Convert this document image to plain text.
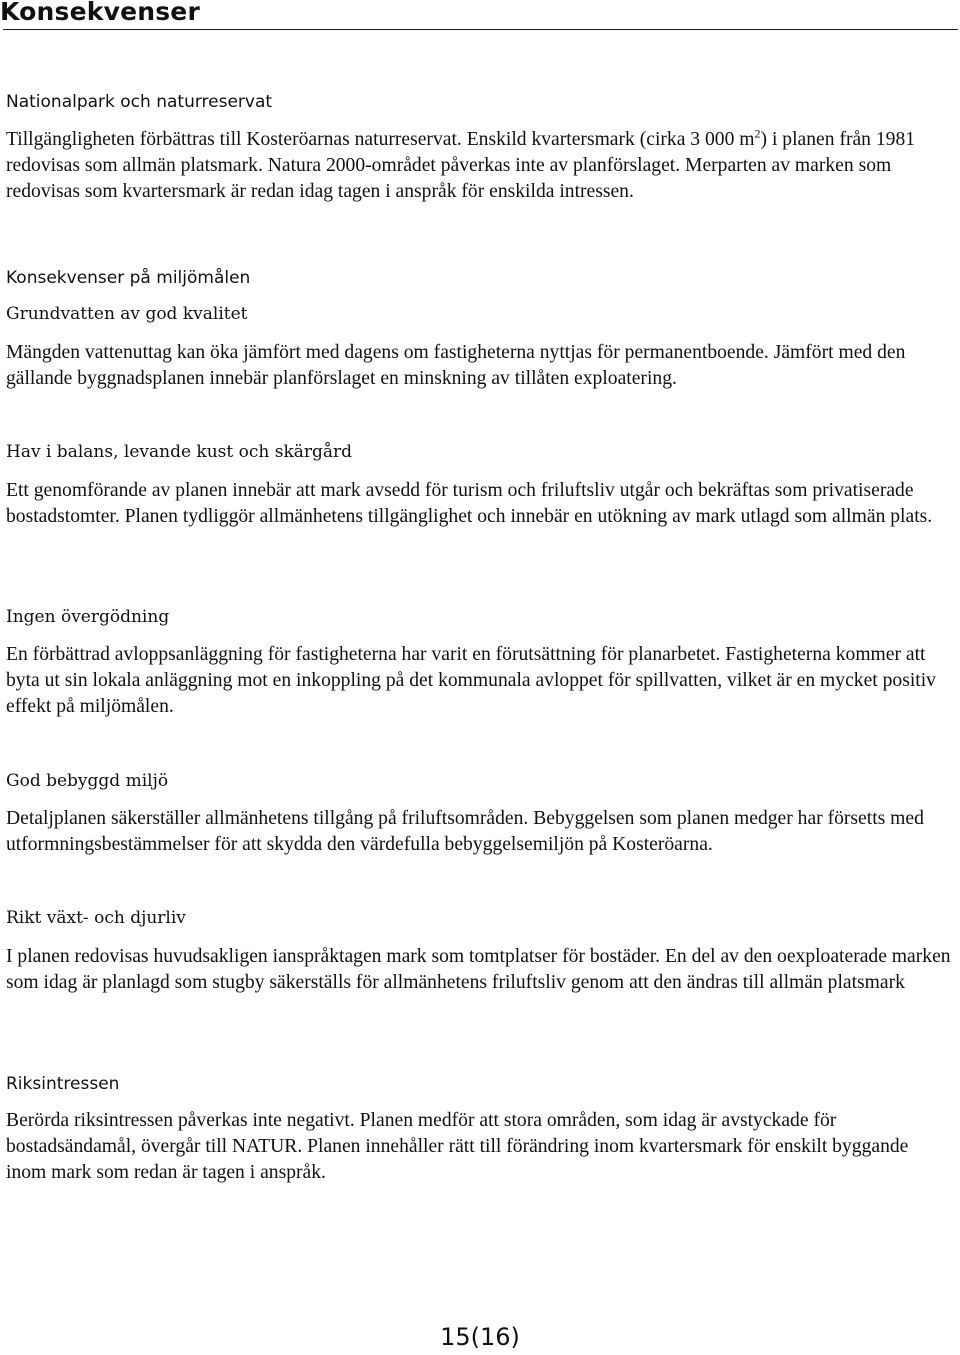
Konsekvenser
Nationalpark och naturreservat

Tillgängligheten förbättras till Kosteröarnas naturreservat. Enskild kvartersmark (cirka 3 000 $m^2$) i planen från 1981 redovisas som allmän platsmark. Natura 2000-området påverkas inte av planförslaget. Merparten av marken som redovisas som kvartersmark är redan idag tagen i anspråk för enskilda intressen.

Konsekvenser på miljömålen
Grundvatten av god kvalitet

Mängden vattenuttag kan öka jämfört med dagens om fastigheterna nyttjas för permanentboende. Jämfört med den gällande byggnadsplanen innebär planförslaget en minskning av tillåten exploatering.

Hav i balans, levande kust och skärgård

Ett genomförande av planen innebär att mark avsedd för turism och friluftsliv utgår och bekräftas som privatiserade bostadstomter. Planen tydliggör allmänhetens tillgänglighet och innebär en utökning av mark utlagd som allmän plats.

Ingen övergödning

En förbättrad avloppsanläggning för fastigheterna har varit en förutsättning för planarbetet. Fastigheterna kommer att byta ut sin lokala anläggning mot en inkoppling på det kommunala avloppet för spillvatten, vilket är en mycket positiv effekt på miljömålen.

God bebyggd miljö

Detaljplanen säkerställer allmänhetens tillgång på friluftsområden. Bebyggelsen som planen medger har försetts med utformningsbestämmelser för att skydda den värdefulla bebyggelsemiljön på Kosteröarna.

Rikt växt- och djurliv

I planen redovisas huvudsakligen ianspråktagen mark som tomtplatser för bostäder. En del av den oexploaterade marken som idag är planlagd som stugby säkerställs för allmänhetens friluftsliv genom att den ändras till allmän platsmark

Riksintressen

Berörda riksintressen påverkas inte negativt. Planen medför att stora områden, som idag är avstyckade för bostadsändamål, övergår till NATUR. Planen innehåller rätt till förändring inom kvartersmark för enskilt byggande inom mark som redan är tagen i anspråk.

15(16)
